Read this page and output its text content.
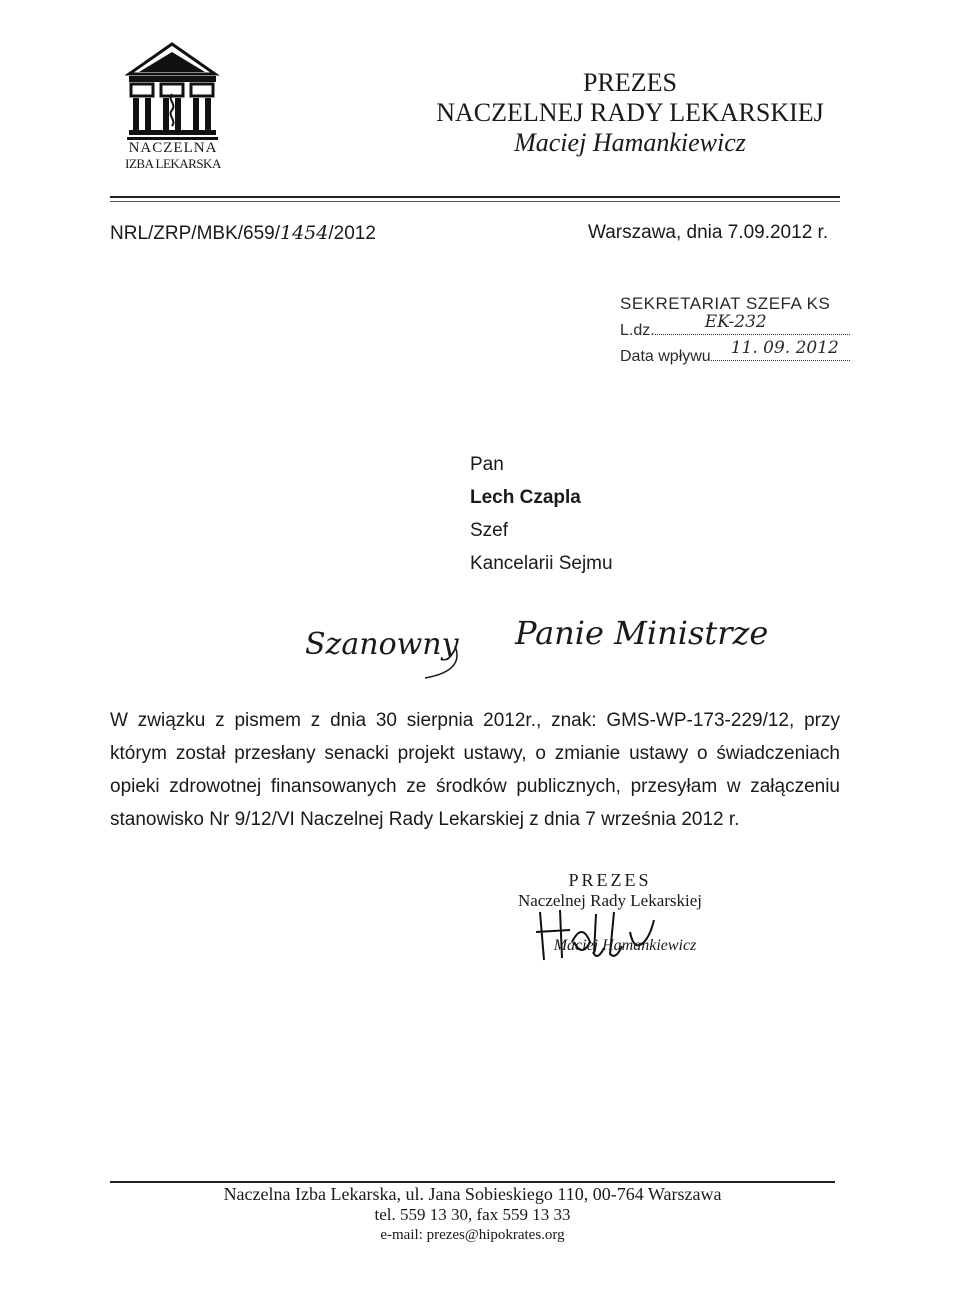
NACZELNA
IZBA LEKARSKA
PREZES
NACZELNEJ RADY LEKARSKIEJ
Maciej Hamankiewicz
NRL/ZRP/MBK/659/1454/2012	Warszawa, dnia 7.09.2012 r.
SEKRETARIAT SZEFA KS
L.dz.	EK-232
Data wpływu 11. 09. 2012
Pan
Lech Czapla
Szef
Kancelarii Sejmu
Szanowny Panie Ministrze
W związku z pismem z dnia 30 sierpnia 2012r., znak: GMS-WP-173-229/12, przy którym został przesłany senacki projekt ustawy, o zmianie ustawy o świadczeniach opieki zdrowotnej finansowanych ze środków publicznych, przesyłam w załączeniu stanowisko Nr 9/12/VI Naczelnej Rady Lekarskiej z dnia 7 września 2012 r.
PREZES
Naczelnej Rady Lekarskiej
Maciej Hamankiewicz
Naczelna Izba Lekarska, ul. Jana Sobieskiego 110, 00-764 Warszawa
tel. 559 13 30, fax 559 13 33
e-mail: prezes@hipokrates.org
